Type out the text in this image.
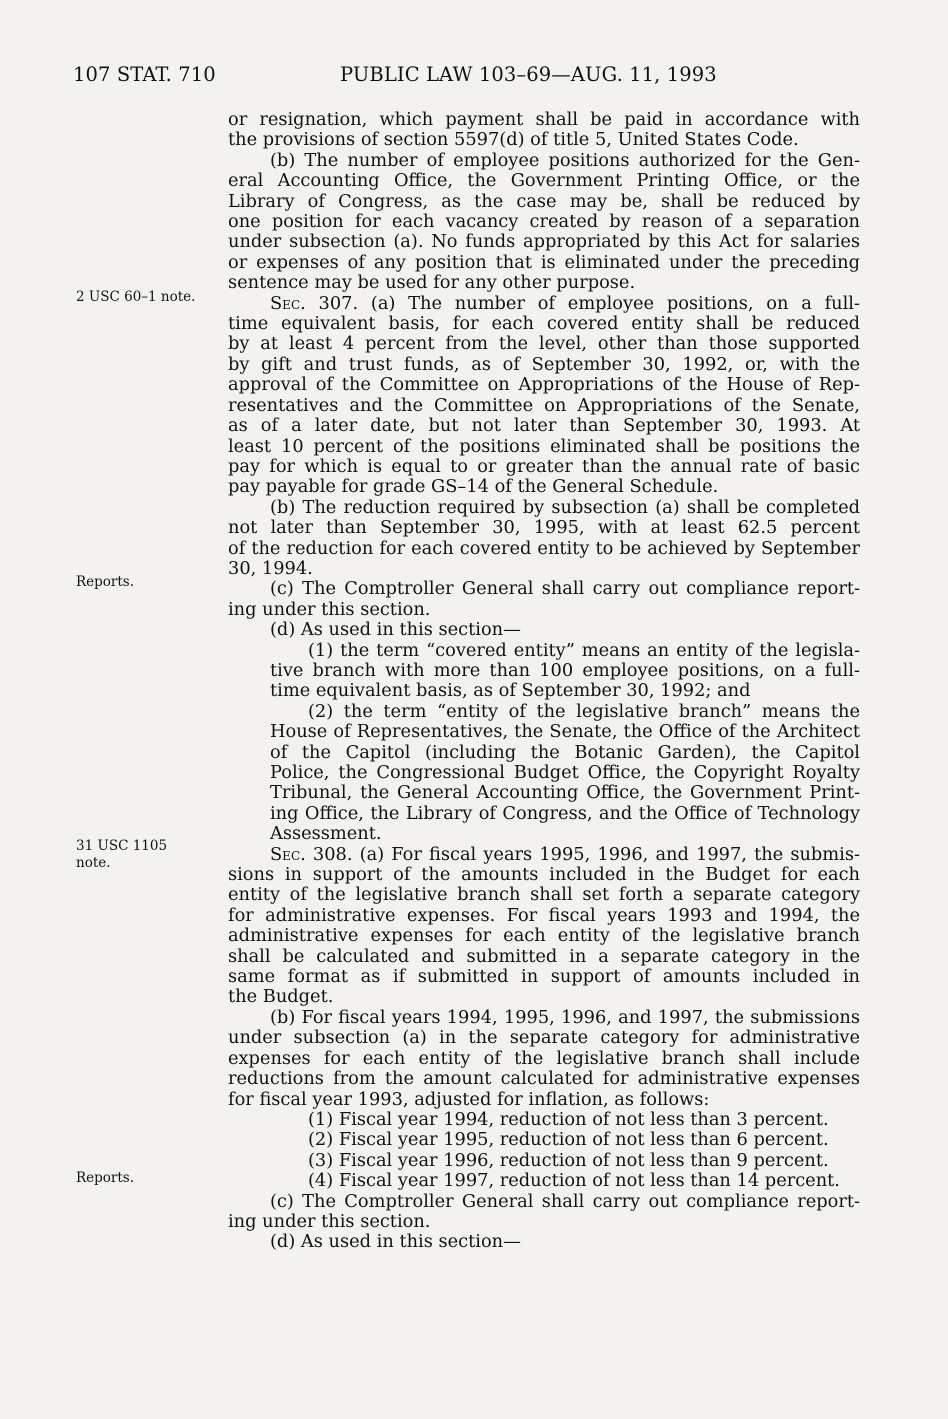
107 STAT. 710	PUBLIC LAW 103–69—AUG. 11, 1993
2 USC 60–1 note.
Reports.
31 USC 1105
note.
Reports.
or resignation, which payment shall be paid in accordance with
the provisions of section 5597(d) of title 5, United States Code.
(b) The number of employee positions authorized for the Gen-
eral Accounting Office, the Government Printing Office, or the
Library of Congress, as the case may be, shall be reduced by
one position for each vacancy created by reason of a separation
under subsection (a). No funds appropriated by this Act for salaries
or expenses of any position that is eliminated under the preceding
sentence may be used for any other purpose.
Sec. 307. (a) The number of employee positions, on a full-
time equivalent basis, for each covered entity shall be reduced
by at least 4 percent from the level, other than those supported
by gift and trust funds, as of September 30, 1992, or, with the
approval of the Committee on Appropriations of the House of Rep-
resentatives and the Committee on Appropriations of the Senate,
as of a later date, but not later than September 30, 1993. At
least 10 percent of the positions eliminated shall be positions the
pay for which is equal to or greater than the annual rate of basic
pay payable for grade GS–14 of the General Schedule.
(b) The reduction required by subsection (a) shall be completed
not later than September 30, 1995, with at least 62.5 percent
of the reduction for each covered entity to be achieved by September
30, 1994.
(c) The Comptroller General shall carry out compliance report-
ing under this section.
(d) As used in this section—
(1) the term “covered entity” means an entity of the legisla-
tive branch with more than 100 employee positions, on a full-
time equivalent basis, as of September 30, 1992; and
(2) the term “entity of the legislative branch” means the
House of Representatives, the Senate, the Office of the Architect
of the Capitol (including the Botanic Garden), the Capitol
Police, the Congressional Budget Office, the Copyright Royalty
Tribunal, the General Accounting Office, the Government Print-
ing Office, the Library of Congress, and the Office of Technology
Assessment.
Sec. 308. (a) For fiscal years 1995, 1996, and 1997, the submis-
sions in support of the amounts included in the Budget for each
entity of the legislative branch shall set forth a separate category
for administrative expenses. For fiscal years 1993 and 1994, the
administrative expenses for each entity of the legislative branch
shall be calculated and submitted in a separate category in the
same format as if submitted in support of amounts included in
the Budget.
(b) For fiscal years 1994, 1995, 1996, and 1997, the submissions
under subsection (a) in the separate category for administrative
expenses for each entity of the legislative branch shall include
reductions from the amount calculated for administrative expenses
for fiscal year 1993, adjusted for inflation, as follows:
(1) Fiscal year 1994, reduction of not less than 3 percent.
(2) Fiscal year 1995, reduction of not less than 6 percent.
(3) Fiscal year 1996, reduction of not less than 9 percent.
(4) Fiscal year 1997, reduction of not less than 14 percent.
(c) The Comptroller General shall carry out compliance report-
ing under this section.
(d) As used in this section—
